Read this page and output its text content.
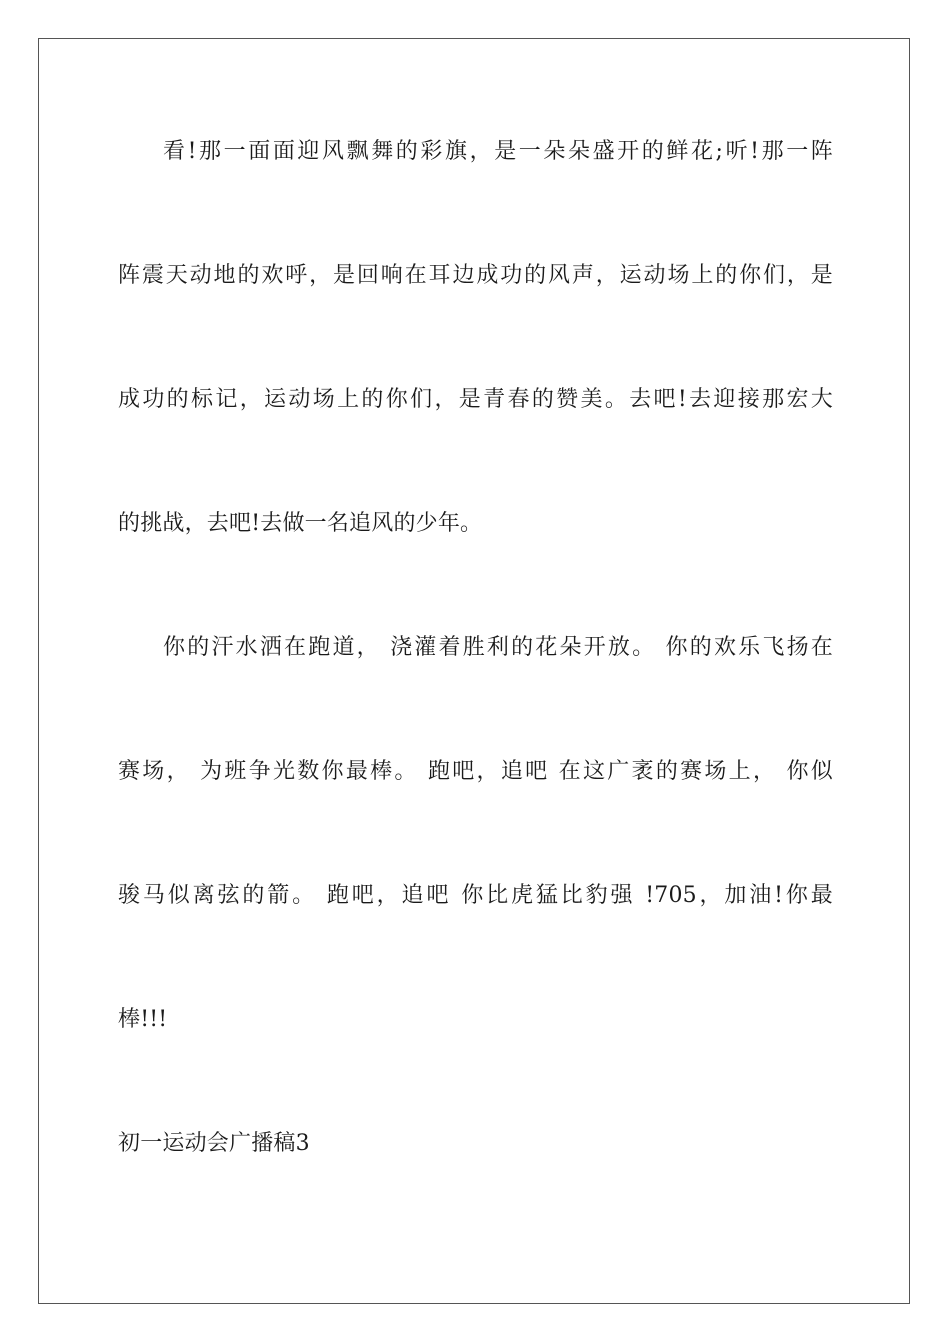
看!那一面面迎风飘舞的彩旗，是一朵朵盛开的鲜花;听!那一阵
阵震天动地的欢呼，是回响在耳边成功的风声，运动场上的你们，是
成功的标记，运动场上的你们，是青春的赞美。去吧!去迎接那宏大
的挑战，去吧!去做一名追风的少年。
你的汗水洒在跑道， 浇灌着胜利的花朵开放。 你的欢乐飞扬在
赛场， 为班争光数你最棒。 跑吧，追吧 在这广袤的赛场上， 你似
骏马似离弦的箭。 跑吧，追吧 你比虎猛比豹强 !705，加油!你最
棒!!!
初一运动会广播稿3
